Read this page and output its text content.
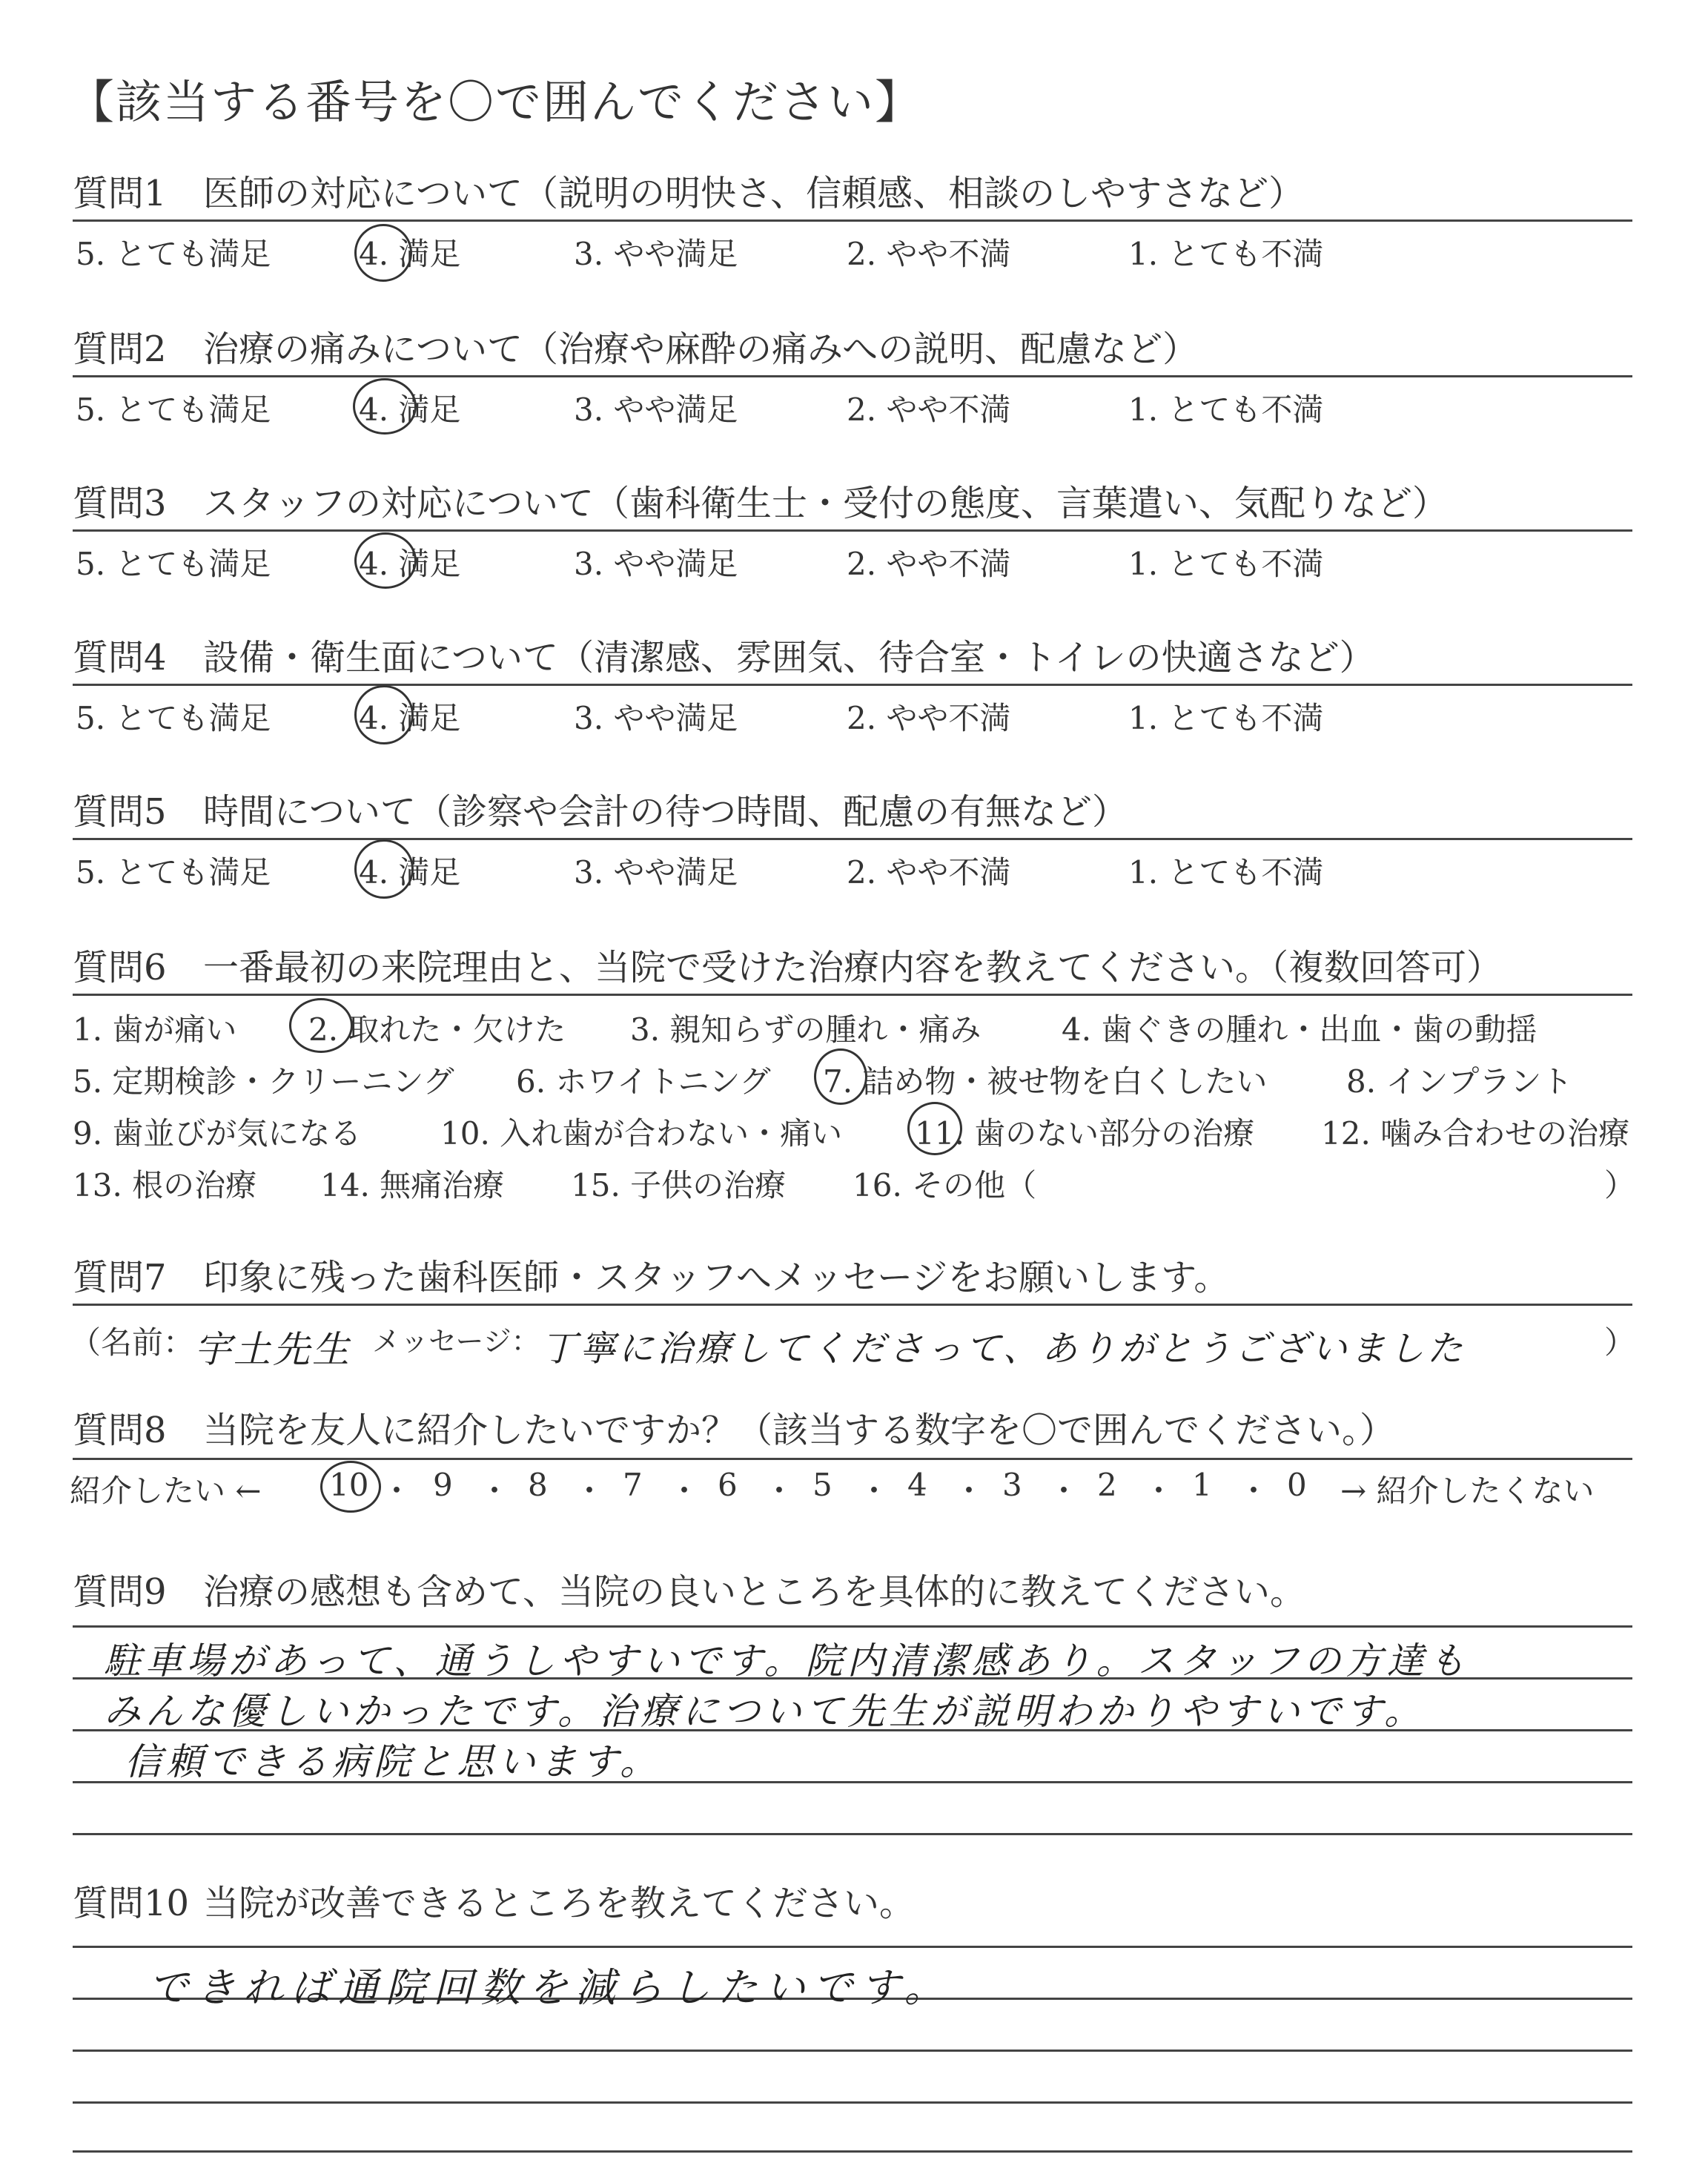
【該当する番号を〇で囲んでください】
質問1 医師の対応について（説明の明快さ、信頼感、相談のしやすさなど）
5. とても満足	4. 満足	3. やや満足	2. やや不満	1. とても不満
質問2 治療の痛みについて（治療や麻酔の痛みへの説明、配慮など）
5. とても満足	4. 満足	3. やや満足	2. やや不満	1. とても不満
質問3 スタッフの対応について（歯科衛生士・受付の態度、言葉遣い、気配りなど）
5. とても満足	4. 満足	3. やや満足	2. やや不満	1. とても不満
質問4 設備・衛生面について（清潔感、雰囲気、待合室・トイレの快適さなど）
5. とても満足	4. 満足	3. やや満足	2. やや不満	1. とても不満
質問5 時間について（診察や会計の待つ時間、配慮の有無など）
5. とても満足	4. 満足	3. やや満足	2. やや不満	1. とても不満
質問6 一番最初の来院理由と、当院で受けた治療内容を教えてください。（複数回答可）
1. 歯が痛い 2. 取れた・欠けた 3. 親知らずの腫れ・痛み	4. 歯ぐきの腫れ・出血・歯の動揺
5. 定期検診・クリーニング 6. ホワイトニング 7. 詰め物・被せ物を白くしたい	8. インプラント
9. 歯並びが気になる	10. 入れ歯が合わない・痛い 11. 歯のない部分の治療 12. 噛み合わせの治療
13. 根の治療 14. 無痛治療 15. 子供の治療 16. その他（	）
質問7 印象に残った歯科医師・スタッフへメッセージをお願いします。
（名前： 宇土先生 メッセージ： 丁寧に治療してくださって、ありがとうございました	）
質問8 当院を友人に紹介したいですか？（該当する数字を〇で囲んでください。）
紹介したい ← 10 ・ 9 ・ 8 ・ 7 ・ 6 ・ 5 ・ 4 ・ 3 ・ 2 ・ 1 ・ 0 → 紹介したくない
質問9 治療の感想も含めて、当院の良いところを具体的に教えてください。
駐車場があって、通うしやすいです。院内清潔感あり。スタッフの方達も
みんな優しいかったです。治療について先生が説明わかりやすいです。
信頼できる病院と思います。
質問10 当院が改善できるところを教えてください。
できれば通院回数を減らしたいです。
